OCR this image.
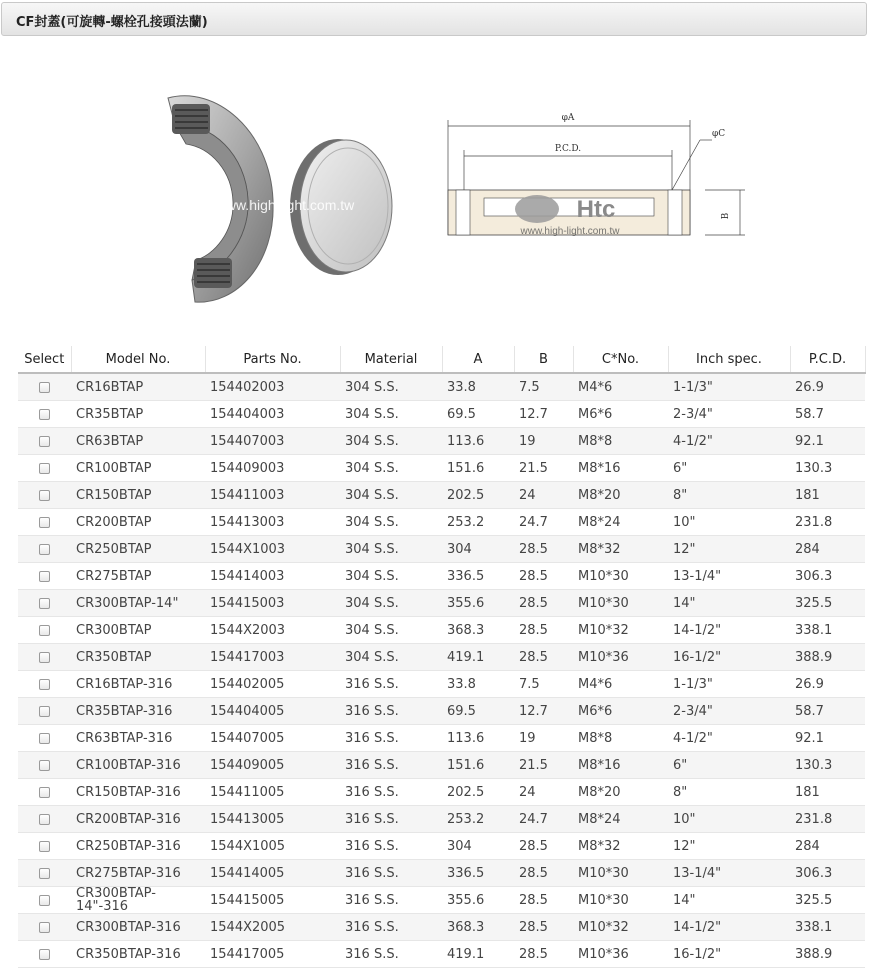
CF封蓋(可旋轉-螺栓孔接頭法蘭)
www.high-light.com.tw
φA
P.C.D.
φC
B
Htc
www.high-light.com.tw
Select	Model No.	Parts No.	Material	A	B	C*No.	Inch spec.	P.C.D.
	CR16BTAP	154402003	304 S.S.	33.8	7.5	M4*6	1-1/3"	26.9
	CR35BTAP	154404003	304 S.S.	69.5	12.7	M6*6	2-3/4"	58.7
	CR63BTAP	154407003	304 S.S.	113.6	19	M8*8	4-1/2"	92.1
	CR100BTAP	154409003	304 S.S.	151.6	21.5	M8*16	6"	130.3
	CR150BTAP	154411003	304 S.S.	202.5	24	M8*20	8"	181
	CR200BTAP	154413003	304 S.S.	253.2	24.7	M8*24	10"	231.8
	CR250BTAP	1544X1003	304 S.S.	304	28.5	M8*32	12"	284
	CR275BTAP	154414003	304 S.S.	336.5	28.5	M10*30	13-1/4"	306.3
	CR300BTAP-14"	154415003	304 S.S.	355.6	28.5	M10*30	14"	325.5
	CR300BTAP	1544X2003	304 S.S.	368.3	28.5	M10*32	14-1/2"	338.1
	CR350BTAP	154417003	304 S.S.	419.1	28.5	M10*36	16-1/2"	388.9
	CR16BTAP-316	154402005	316 S.S.	33.8	7.5	M4*6	1-1/3"	26.9
	CR35BTAP-316	154404005	316 S.S.	69.5	12.7	M6*6	2-3/4"	58.7
	CR63BTAP-316	154407005	316 S.S.	113.6	19	M8*8	4-1/2"	92.1
	CR100BTAP-316	154409005	316 S.S.	151.6	21.5	M8*16	6"	130.3
	CR150BTAP-316	154411005	316 S.S.	202.5	24	M8*20	8"	181
	CR200BTAP-316	154413005	316 S.S.	253.2	24.7	M8*24	10"	231.8
	CR250BTAP-316	1544X1005	316 S.S.	304	28.5	M8*32	12"	284
	CR275BTAP-316	154414005	316 S.S.	336.5	28.5	M10*30	13-1/4"	306.3
	CR300BTAP-14"-316	154415005	316 S.S.	355.6	28.5	M10*30	14"	325.5
	CR300BTAP-316	1544X2005	316 S.S.	368.3	28.5	M10*32	14-1/2"	338.1
	CR350BTAP-316	154417005	316 S.S.	419.1	28.5	M10*36	16-1/2"	388.9
